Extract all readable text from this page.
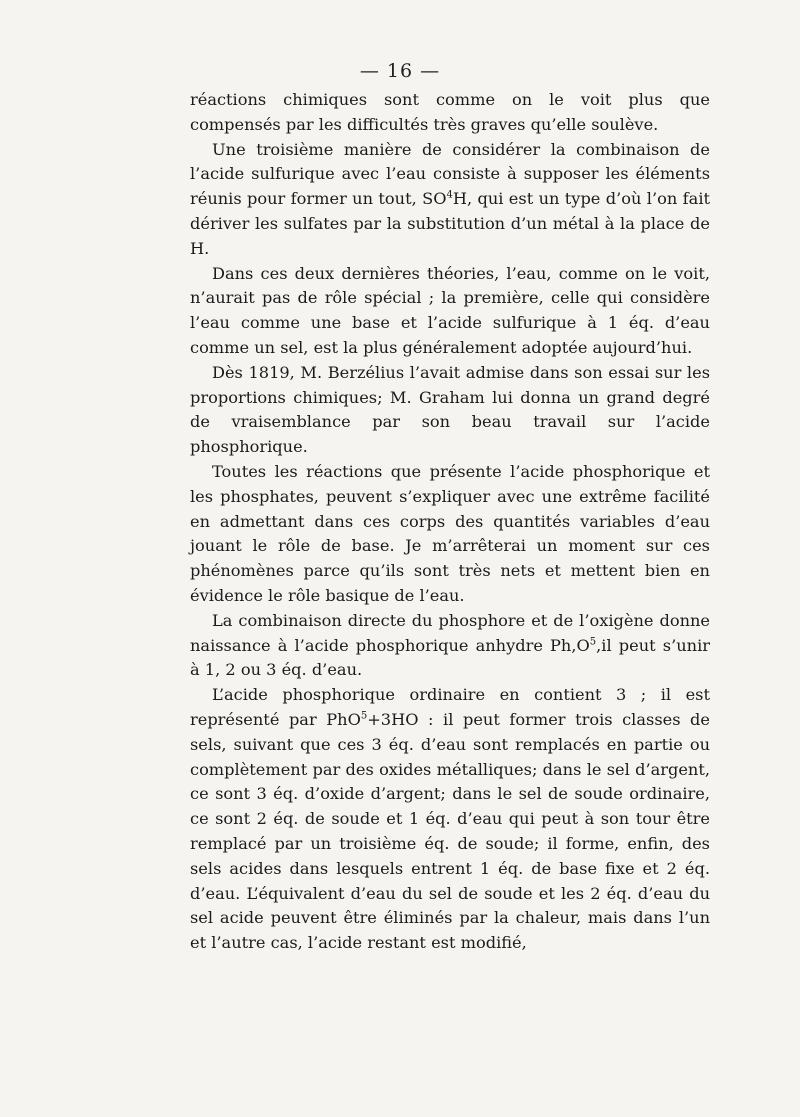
— 16 —

réactions chimiques sont comme on le voit plus que compensés par les difficultés très graves qu’elle soulève.

Une troisième manière de considérer la combinaison de l’acide sulfurique avec l’eau consiste à supposer les éléments réunis pour former un tout, $SO^4H$, qui est un type d’où l’on fait dériver les sulfates par la substitution d’un métal à la place de H.

Dans ces deux dernières théories, l’eau, comme on le voit, n’aurait pas de rôle spécial ; la première, celle qui considère l’eau comme une base et l’acide sulfurique à 1 éq. d’eau comme un sel, est la plus généralement adoptée aujourd’hui.

Dès 1819, M. Berzélius l’avait admise dans son essai sur les proportions chimiques; M. Graham lui donna un grand degré de vraisemblance par son beau travail sur l’acide phosphorique.

Toutes les réactions que présente l’acide phosphorique et les phosphates, peuvent s’expliquer avec une extrême facilité en admettant dans ces corps des quantités variables d’eau jouant le rôle de base. Je m’arrêterai un moment sur ces phénomènes parce qu’ils sont très nets et mettent bien en évidence le rôle basique de l’eau.

La combinaison directe du phosphore et de l’oxigène donne naissance à l’acide phosphorique anhydre $Ph,O^5,il$ peut s’unir à 1, 2 ou 3 éq. d’eau.

L’acide phosphorique ordinaire en contient 3 ; il est représenté par PhO$^5$+3HO : il peut former trois classes de sels, suivant que ces 3 éq. d’eau sont remplacés en partie ou complètement par des oxides métalliques; dans le sel d’argent, ce sont 3 éq. d’oxide d’argent; dans le sel de soude ordinaire, ce sont 2 éq. de soude et 1 éq. d’eau qui peut à son tour être remplacé par un troisième éq. de soude; il forme, enfin, des sels acides dans lesquels entrent 1 éq. de base fixe et 2 éq. d’eau. L’équivalent d’eau du sel de soude et les 2 éq. d’eau du sel acide peuvent être éliminés par la chaleur, mais dans l’un et l’autre cas, l’acide restant est modifié,
